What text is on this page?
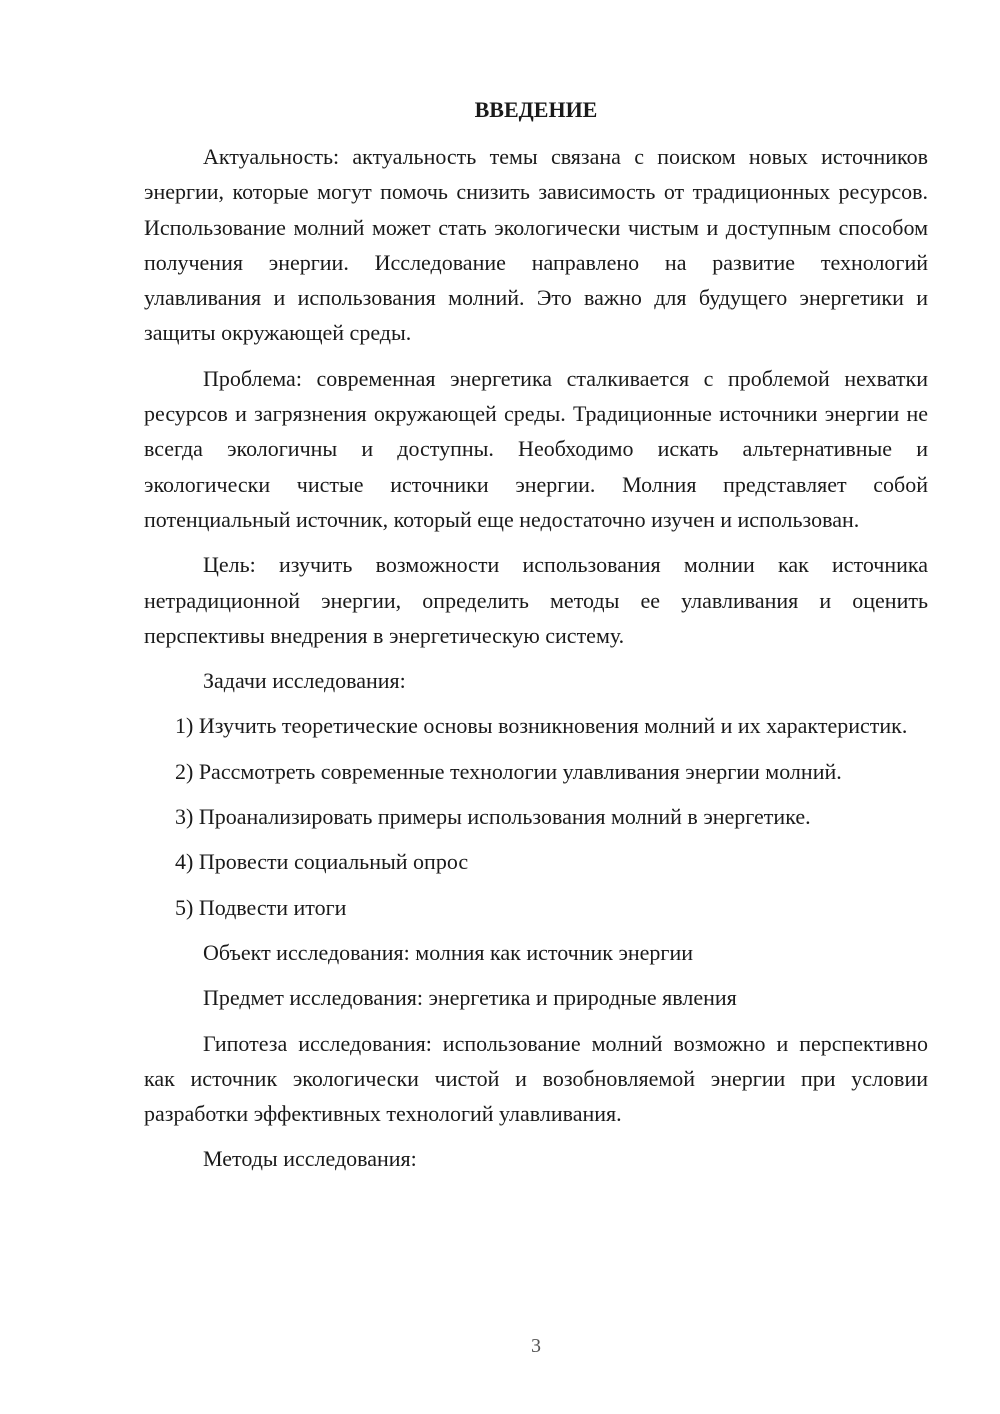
ВВЕДЕНИЕ

Актуальность: актуальность темы связана с поиском новых источников энергии, которые могут помочь снизить зависимость от традиционных ресурсов. Использование молний может стать экологически чистым и доступным способом получения энергии. Исследование направлено на развитие технологий улавливания и использования молний. Это важно для будущего энергетики и защиты окружающей среды.

Проблема: современная энергетика сталкивается с проблемой нехватки ресурсов и загрязнения окружающей среды. Традиционные источники энергии не всегда экологичны и доступны. Необходимо искать альтернативные и экологически чистые источники энергии. Молния представляет собой потенциальный источник, который еще недостаточно изучен и использован.

Цель: изучить возможности использования молнии как источника нетрадиционной энергии, определить методы ее улавливания и оценить перспективы внедрения в энергетическую систему.

Задачи исследования:

1) Изучить теоретические основы возникновения молний и их характеристик.

2) Рассмотреть современные технологии улавливания энергии молний.

3) Проанализировать примеры использования молний в энергетике.

4) Провести социальный опрос

5) Подвести итоги

Объект исследования: молния как источник энергии

Предмет исследования: энергетика и природные явления

Гипотеза исследования: использование молний возможно и перспективно как источник экологически чистой и возобновляемой энергии при условии разработки эффективных технологий улавливания.

Методы исследования:

3
